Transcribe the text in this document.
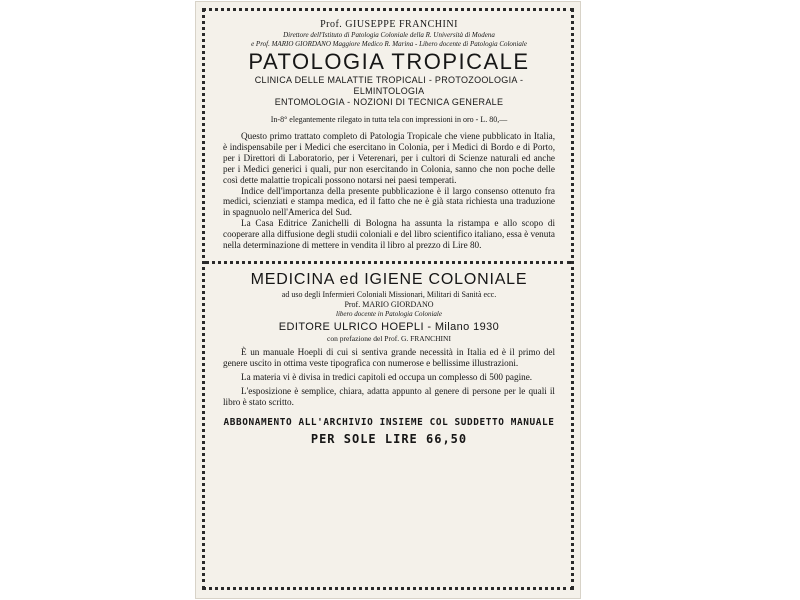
Prof. GIUSEPPE FRANCHINI
Direttore dell'Istituto di Patologia Coloniale della R. Università di Modena
e Prof. MARIO GIORDANO Maggiore Medico R. Marina - Libero docente di Patologia Coloniale
PATOLOGIA TROPICALE
CLINICA DELLE MALATTIE TROPICALI - PROTOZOOLOGIA - ELMINTOLOGIA
ENTOMOLOGIA - NOZIONI DI TECNICA GENERALE
In-8° elegantemente rilegato in tutta tela con impressioni in oro - L. 80,—

Questo primo trattato completo di Patologia Tropicale che viene pubblicato in Italia, è indispensabile per i Medici che esercitano in Colonia, per i Medici di Bordo e di Porto, per i Direttori di Laboratorio, per i Veterenari, per i cultori di Scienze naturali ed anche per i Medici generici i quali, pur non esercitando in Colonia, sanno che non poche delle così dette malattie tropicali possono notarsi nei paesi temperati.

Indice dell'importanza della presente pubblicazione è il largo consenso ottenuto fra medici, scienziati e stampa medica, ed il fatto che ne è già stata richiesta una traduzione in spagnuolo nell'America del Sud.

La Casa Editrice Zanichelli di Bologna ha assunta la ristampa e allo scopo di cooperare alla diffusione degli studii coloniali e del libro scientifico italiano, essa è venuta nella determinazione di mettere in vendita il libro al prezzo di Lire 80.

MEDICINA ed IGIENE COLONIALE
ad uso degli Infermieri Coloniali Missionari, Militari di Sanità ecc.
Prof. MARIO GIORDANO
libero docente in Patologia Coloniale
EDITORE ULRICO HOEPLI - Milano 1930
con prefazione del Prof. G. FRANCHINI

È un manuale Hoepli di cui si sentiva grande necessità in Italia ed è il primo del genere uscito in ottima veste tipografica con numerose e bellissime illustrazioni.

La materia vi è divisa in tredici capitoli ed occupa un complesso di 500 pagine.

L'esposizione è semplice, chiara, adatta appunto al genere di persone per le quali il libro è stato scritto.

ABBONAMENTO ALL'ARCHIVIO INSIEME COL SUDDETTO MANUALE
PER SOLE LIRE 66,50
